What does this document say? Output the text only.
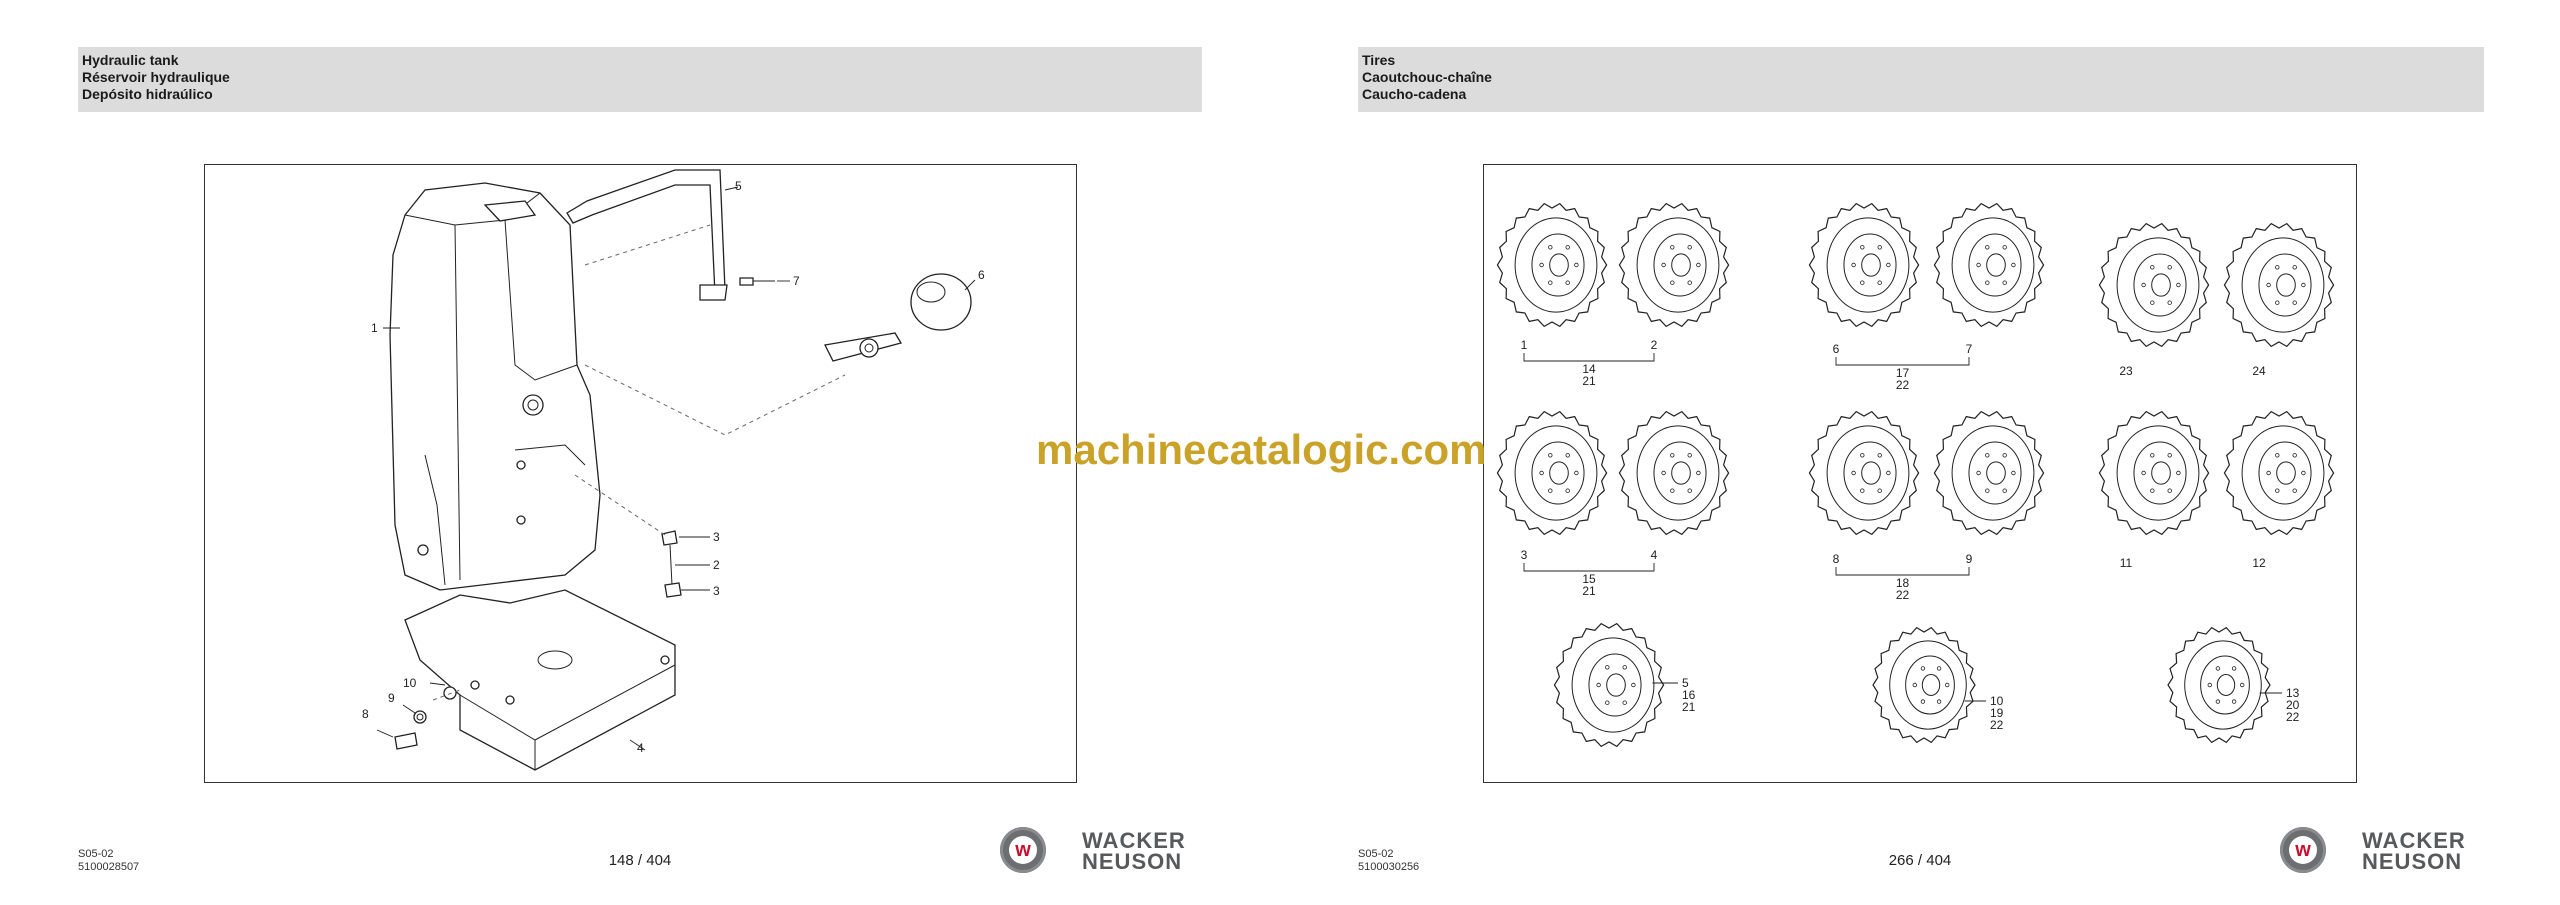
Hydraulic tank
Réservoir hydraulique
Depósito hidraúlico
1
2
3
3
4
5
6
7
8
9
10
S05-02
5100028507	148 / 404	w WACKER
NEUSON
Tires
Caoutchouc-chaîne
Caucho-cadena
1	2
14
21
6	7
17
22
23	24
3	4
15
21
8	9
18
22
11	12
5
16
21	10
19
22
13
20
22
S05-02
5100030256	266 / 404	w WACKER
NEUSON
machinecatalogic.com
